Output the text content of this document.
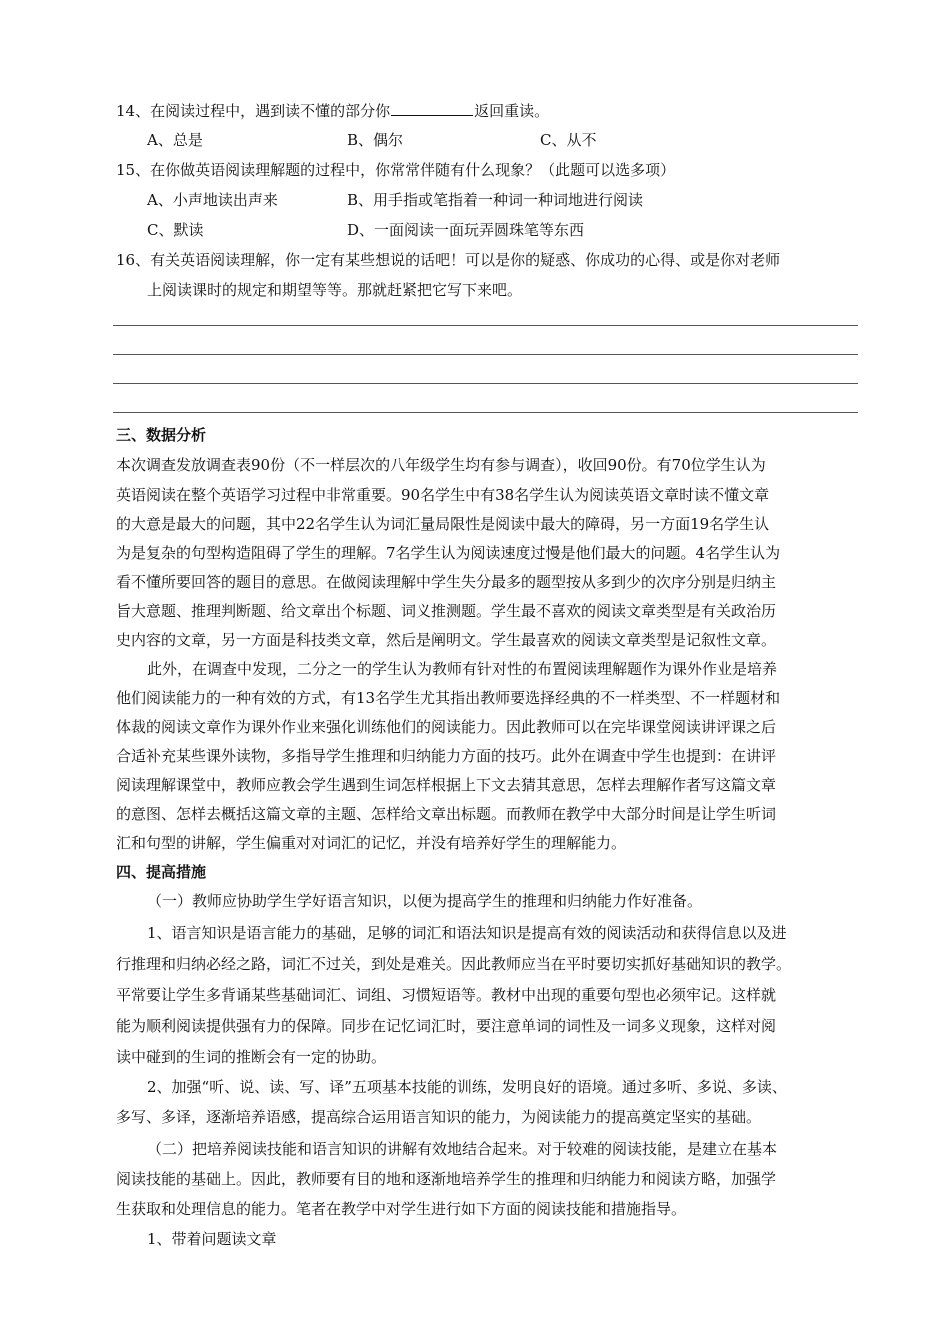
14、在阅读过程中，遇到读不懂的部分你	返回重读。
A、总是	B、偶尔	C、从不
15、在你做英语阅读理解题的过程中，你常常伴随有什么现象？（此题可以选多项）
A、小声地读出声来	B、用手指或笔指着一种词一种词地进行阅读
C、默读	D、一面阅读一面玩弄圆珠笔等东西
16、有关英语阅读理解，你一定有某些想说的话吧！可以是你的疑惑、你成功的心得、或是你对老师
上阅读课时的规定和期望等等。那就赶紧把它写下来吧。
三、数据分析
本次调查发放调查表90份（不一样层次的八年级学生均有参与调查），收回90份。有70位学生认为
英语阅读在整个英语学习过程中非常重要。90名学生中有38名学生认为阅读英语文章时读不懂文章
的大意是最大的问题，其中22名学生认为词汇量局限性是阅读中最大的障碍，另一方面19名学生认
为是复杂的句型构造阻碍了学生的理解。7名学生认为阅读速度过慢是他们最大的问题。4名学生认为
看不懂所要回答的题目的意思。在做阅读理解中学生失分最多的题型按从多到少的次序分别是归纳主
旨大意题、推理判断题、给文章出个标题、词义推测题。学生最不喜欢的阅读文章类型是有关政治历
史内容的文章，另一方面是科技类文章，然后是阐明文。学生最喜欢的阅读文章类型是记叙性文章。
此外，在调查中发现，二分之一的学生认为教师有针对性的布置阅读理解题作为课外作业是培养
他们阅读能力的一种有效的方式，有13名学生尤其指出教师要选择经典的不一样类型、不一样题材和
体裁的阅读文章作为课外作业来强化训练他们的阅读能力。因此教师可以在完毕课堂阅读讲评课之后
合适补充某些课外读物，多指导学生推理和归纳能力方面的技巧。此外在调查中学生也提到：在讲评
阅读理解课堂中，教师应教会学生遇到生词怎样根据上下文去猜其意思，怎样去理解作者写这篇文章
的意图、怎样去概括这篇文章的主题、怎样给文章出标题。而教师在教学中大部分时间是让学生听词
汇和句型的讲解，学生偏重对对词汇的记忆，并没有培养好学生的理解能力。
四、提高措施
（一）教师应协助学生学好语言知识，以便为提高学生的推理和归纳能力作好准备。
1、语言知识是语言能力的基础，足够的词汇和语法知识是提高有效的阅读活动和获得信息以及进
行推理和归纳必经之路，词汇不过关，到处是难关。因此教师应当在平时要切实抓好基础知识的教学。
平常要让学生多背诵某些基础词汇、词组、习惯短语等。教材中出现的重要句型也必须牢记。这样就
能为顺利阅读提供强有力的保障。同步在记忆词汇时，要注意单词的词性及一词多义现象，这样对阅
读中碰到的生词的推断会有一定的协助。
2、加强“听、说、读、写、译”五项基本技能的训练，发明良好的语境。通过多听、多说、多读、
多写、多译，逐渐培养语感，提高综合运用语言知识的能力，为阅读能力的提高奠定坚实的基础。
（二）把培养阅读技能和语言知识的讲解有效地结合起来。对于较难的阅读技能，是建立在基本
阅读技能的基础上。因此，教师要有目的地和逐渐地培养学生的推理和归纳能力和阅读方略，加强学
生获取和处理信息的能力。笔者在教学中对学生进行如下方面的阅读技能和措施指导。
1、带着问题读文章
